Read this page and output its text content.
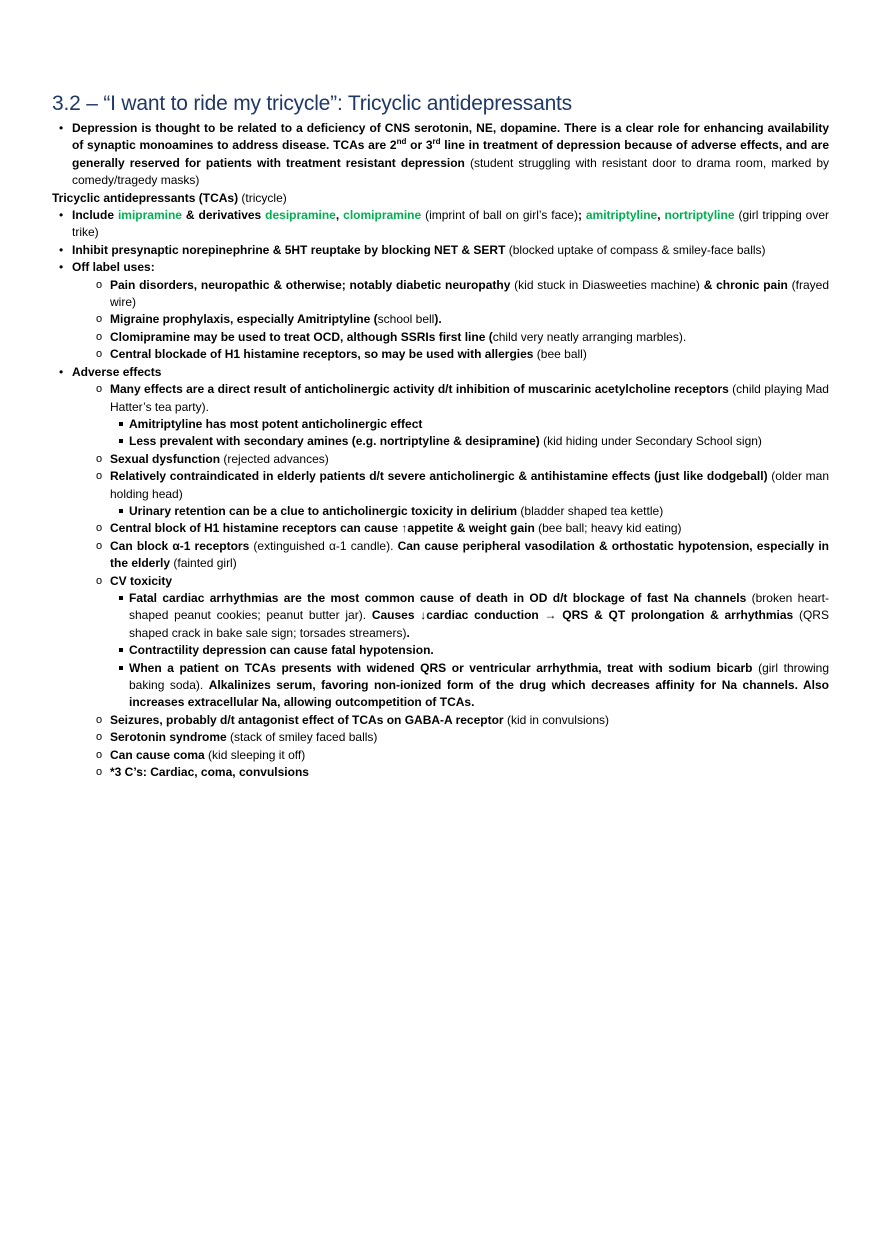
3.2 – “I want to ride my tricycle”: Tricyclic antidepressants
• Depression is thought to be related to a deficiency of CNS serotonin, NE, dopamine. There is a clear role for enhancing availability of synaptic monoamines to address disease. TCAs are 2nd or 3rd line in treatment of depression because of adverse effects, and are generally reserved for patients with treatment resistant depression (student struggling with resistant door to drama room, marked by comedy/tragedy masks)
Tricyclic antidepressants (TCAs) (tricycle)
• Include imipramine & derivatives desipramine, clomipramine (imprint of ball on girl’s face); amitriptyline, nortriptyline (girl tripping over trike)
• Inhibit presynaptic norepinephrine & 5HT reuptake by blocking NET & SERT (blocked uptake of compass & smiley-face balls)
• Off label uses:
o Pain disorders, neuropathic & otherwise; notably diabetic neuropathy (kid stuck in Diasweeties machine) & chronic pain (frayed wire)
o Migraine prophylaxis, especially Amitriptyline (school bell).
o Clomipramine may be used to treat OCD, although SSRIs first line (child very neatly arranging marbles).
o Central blockade of H1 histamine receptors, so may be used with allergies (bee ball)
• Adverse effects
o Many effects are a direct result of anticholinergic activity d/t inhibition of muscarinic acetylcholine receptors (child playing Mad Hatter’s tea party).
Amitriptyline has most potent anticholinergic effect
Less prevalent with secondary amines (e.g. nortriptyline & desipramine) (kid hiding under Secondary School sign)
o Sexual dysfunction (rejected advances)
o Relatively contraindicated in elderly patients d/t severe anticholinergic & antihistamine effects (just like dodgeball) (older man holding head)
Urinary retention can be a clue to anticholinergic toxicity in delirium (bladder shaped tea kettle)
o Central block of H1 histamine receptors can cause ↑appetite & weight gain (bee ball; heavy kid eating)
o Can block α-1 receptors (extinguished α-1 candle). Can cause peripheral vasodilation & orthostatic hypotension, especially in the elderly (fainted girl)
o CV toxicity
Fatal cardiac arrhythmias are the most common cause of death in OD d/t blockage of fast Na channels (broken heart-shaped peanut cookies; peanut butter jar). Causes ↓cardiac conduction → QRS & QT prolongation & arrhythmias (QRS shaped crack in bake sale sign; torsades streamers).
Contractility depression can cause fatal hypotension.
When a patient on TCAs presents with widened QRS or ventricular arrhythmia, treat with sodium bicarb (girl throwing baking soda). Alkalinizes serum, favoring non-ionized form of the drug which decreases affinity for Na channels. Also increases extracellular Na, allowing outcompetition of TCAs.
o Seizures, probably d/t antagonist effect of TCAs on GABA-A receptor (kid in convulsions)
o Serotonin syndrome (stack of smiley faced balls)
o Can cause coma (kid sleeping it off)
o *3 C’s: Cardiac, coma, convulsions
